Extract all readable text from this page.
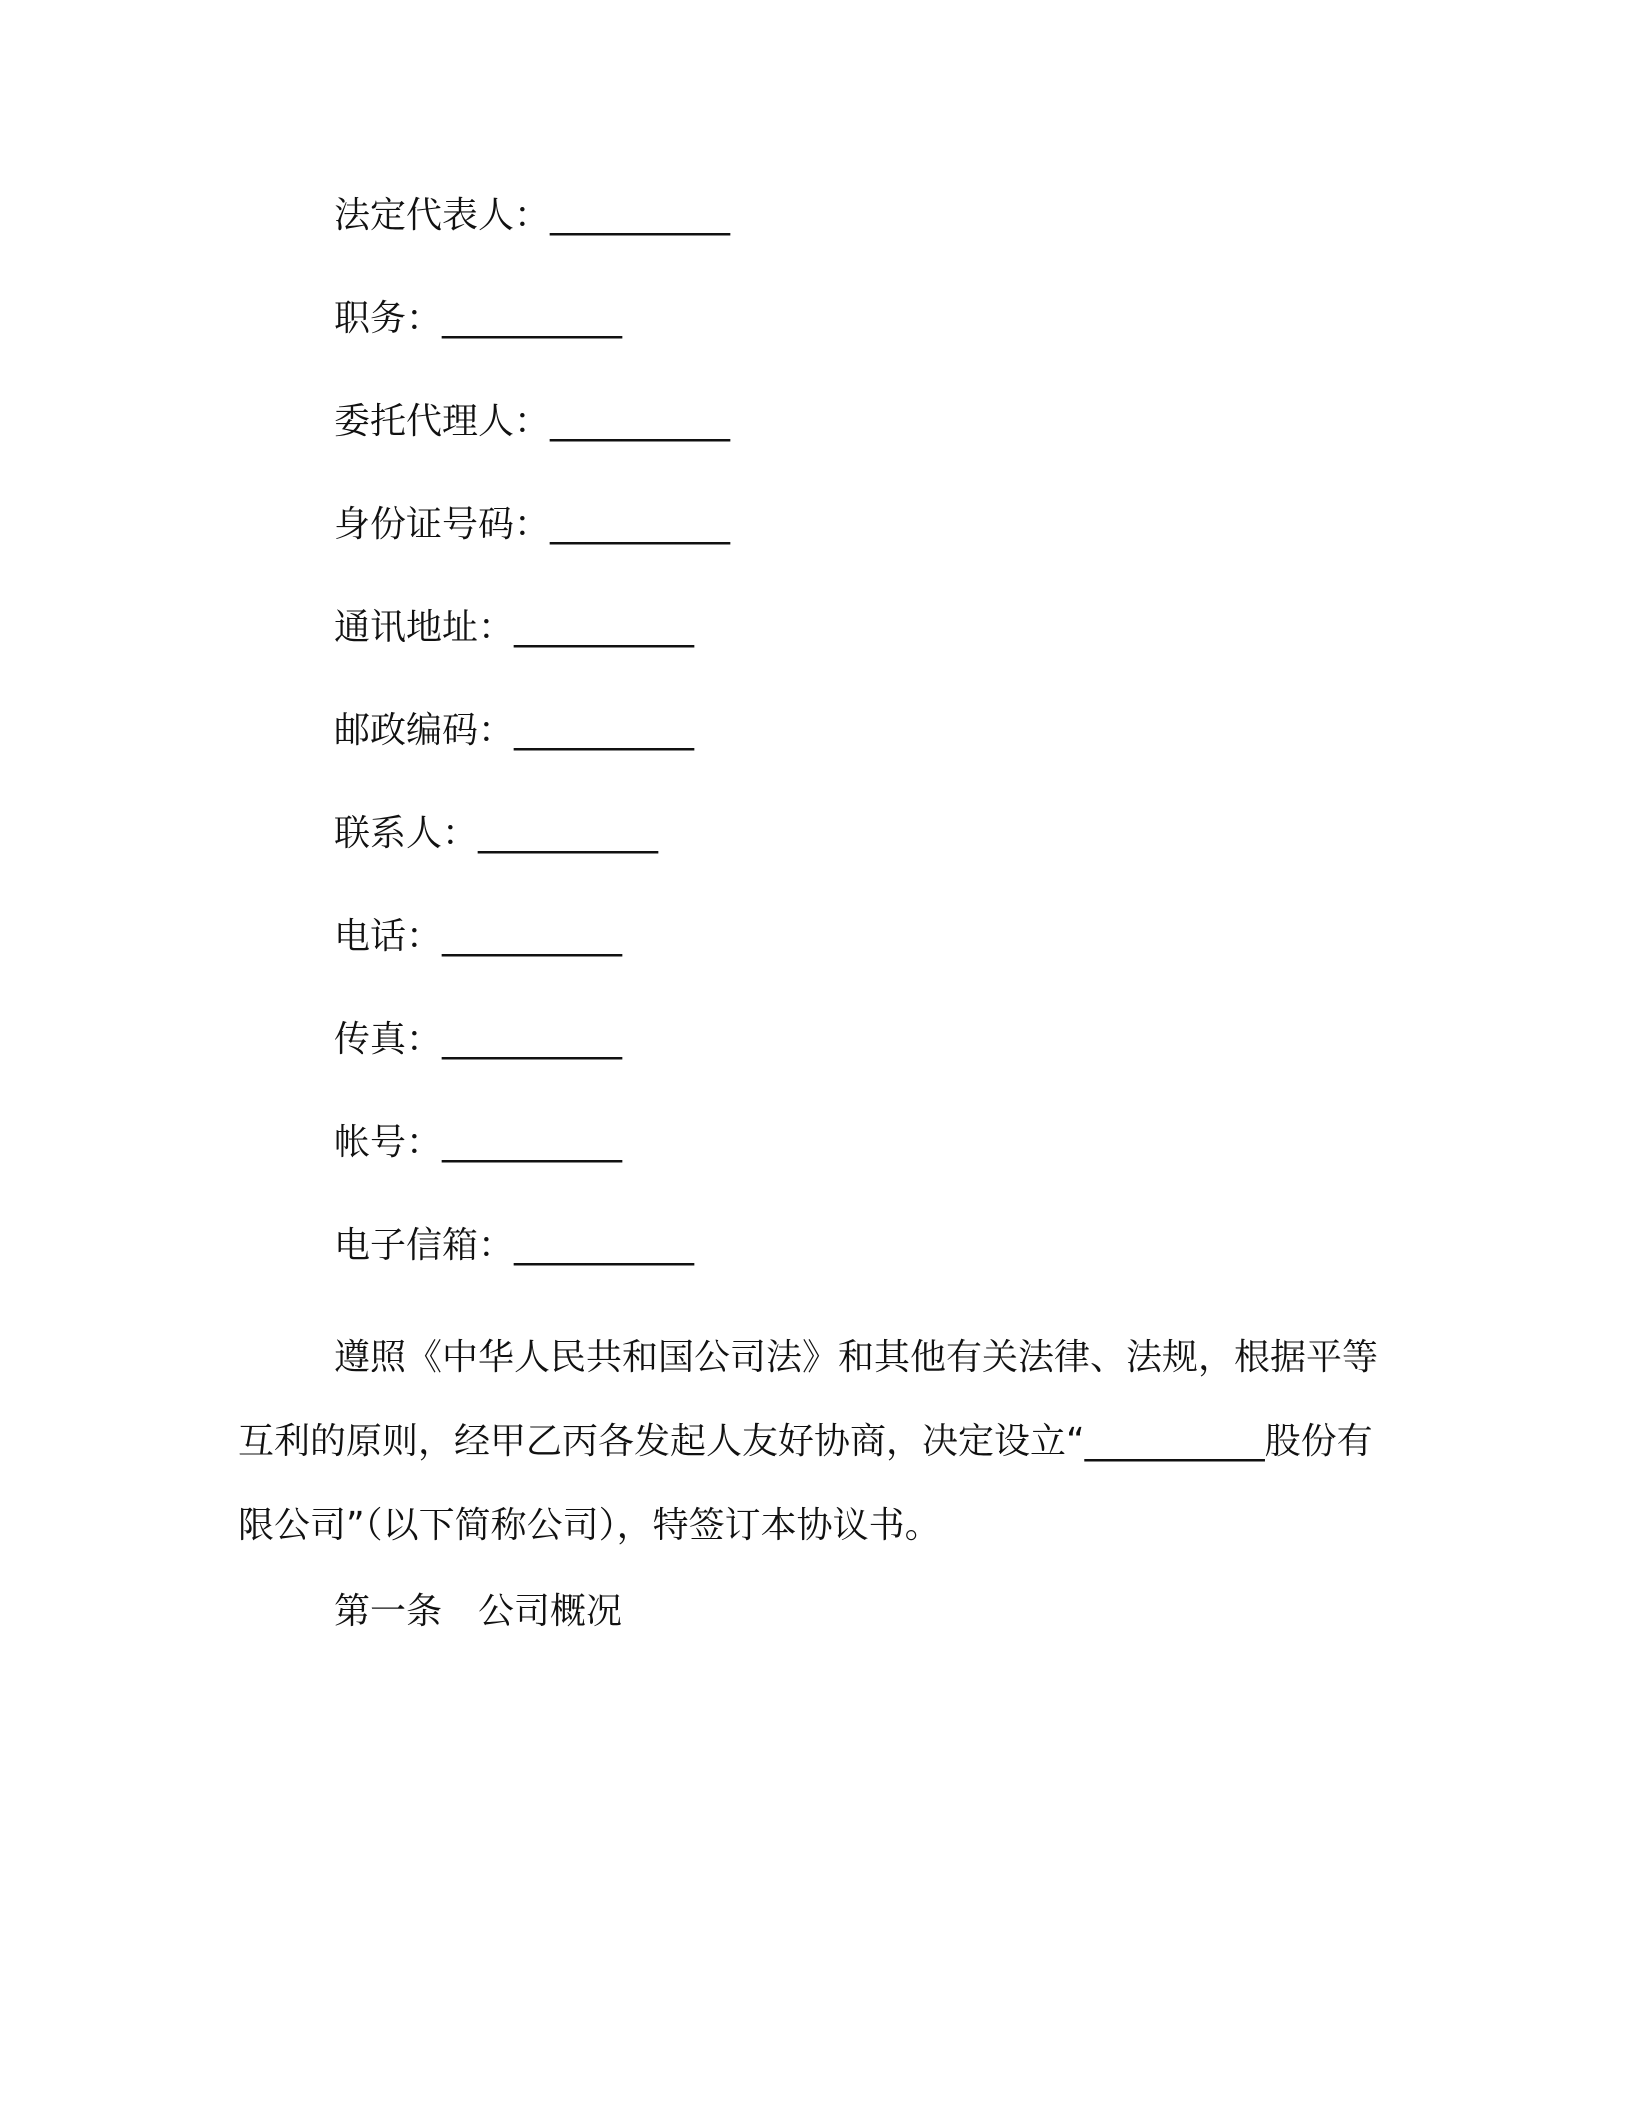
法定代表人：__________
职务：__________
委托代理人：__________
身份证号码：__________
通讯地址：__________
邮政编码：__________
联系人：__________
电话：__________
传真：__________
帐号：__________
电子信箱：__________

遵照《中华人民共和国公司法》和其他有关法律、法规，根据平等互利的原则，经甲乙丙各发起人友好协商，决定设立“__________股份有限公司”（以下简称公司），特签订本协议书。

第一条　公司概况
